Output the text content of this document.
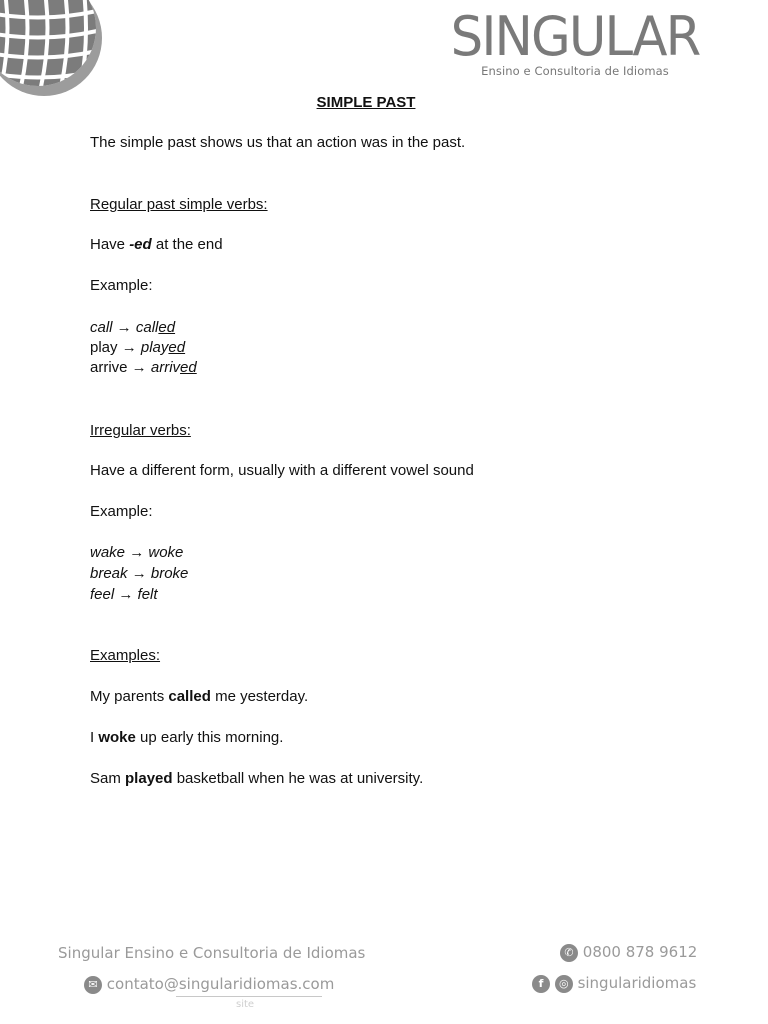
SINGULAR
Ensino e Consultoria de Idiomas
SIMPLE PAST
The simple past shows us that an action was in the past.
Regular past simple verbs:
Have -ed at the end
Example:
call → called
play → played
arrive → arrived
Irregular verbs:
Have a different form, usually with a different vowel sound
Example:
wake → woke
break → broke
feel → felt
Examples:
My parents called me yesterday.
I woke up early this morning.
Sam played basketball when he was at university.
Singular Ensino e Consultoria de Idiomas	✆ 0800 878 9612
✉ contato@singularidiomas.com
site
f ◎ singularidiomas
